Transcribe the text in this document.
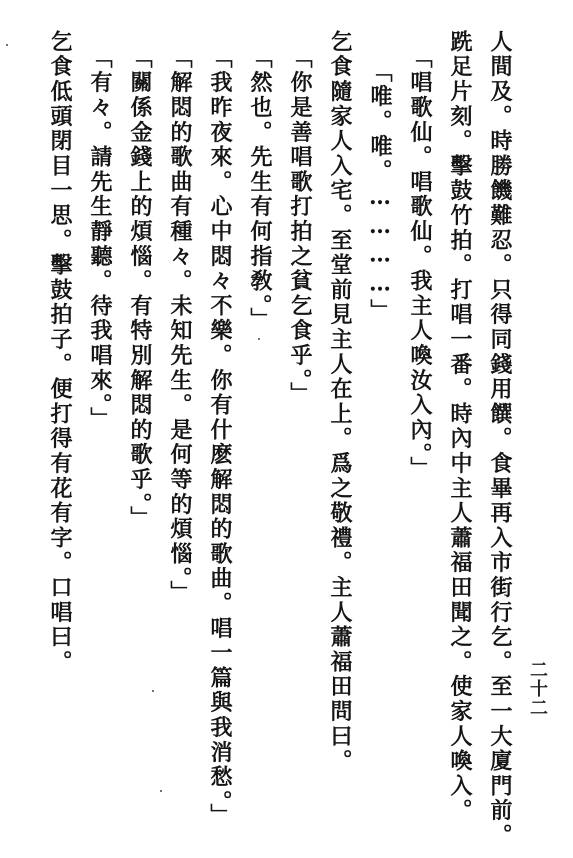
二十二
人間及。時勝饑難忍。只得同錢用饌。食畢再入市街行乞。至一大廈門前。
跣足片刻。擊鼓竹拍。打唱一番。時內中主人蕭福田聞之。使家人喚入。
「唱歌仙。唱歌仙。我主人喚汝入內。」
「唯。唯。…………」
乞食隨家人入宅。至堂前見主人在上。爲之敬禮。主人蕭福田問曰。
「你是善唱歌打拍之貧乞食乎。」
「然也。先生有何指敎。」
「我昨夜來。心中悶々不樂。你有什麽解悶的歌曲。唱一篇與我消愁。」
「解悶的歌曲有種々。未知先生。是何等的煩惱。」
「關係金錢上的煩惱。有特別解悶的歌乎。」
「有々。請先生靜聽。待我唱來。」
乞食低頭閉目一思。擊鼓拍子。便打得有花有字。口唱曰。
